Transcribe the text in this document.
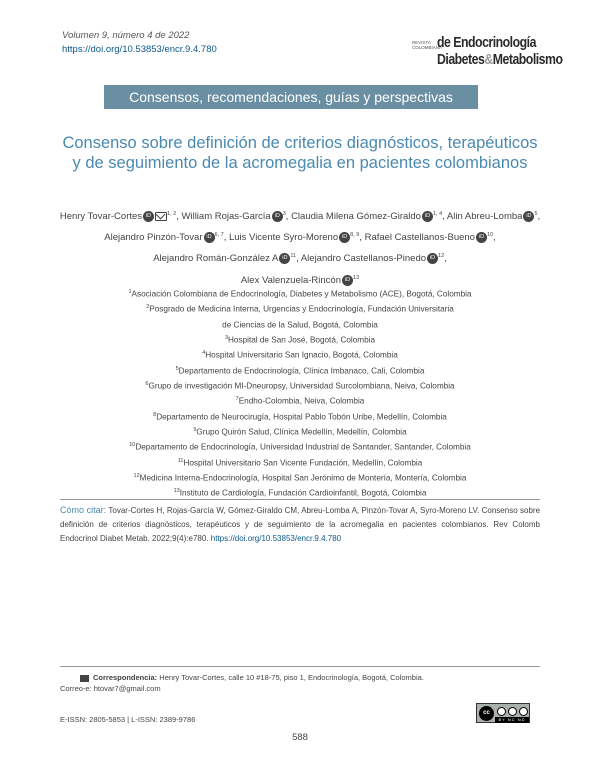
Volumen 9, número 4 de 2022
https://doi.org/10.53853/encr.9.4.780
REVISTA COLOMBIANA
de Endocrinología
Diabetes&Metabolismo
Consensos, recomendaciones, guías y perspectivas
Consenso sobre definición de criterios diagnósticos, terapéuticos y de seguimiento de la acromegalia en pacientes colombianos
Henry Tovar-Cortes iD	$^{1, 2}$, William Rojas-García iD $^3$, Claudia Milena Gómez-Giraldo iD $^{1, 4}$, Alin Abreu-Lomba iD $^5$,
Alejandro Pinzón-Tovar iD $^{6, 7}$, Luis Vicente Syro-Moreno iD $^{8, 9}$, Rafael Castellanos-Bueno iD $^{10}$,
Alejandro Román-González A iD $^{11}$, Alejandro Castellanos-Pinedo iD $^{12}$,
Alex Valenzuela-Rincón iD $^{13}$
$^1$Asociación Colombiana de Endocrinología, Diabetes y Metabolismo (ACE), Bogotá, Colombia
$^2$Posgrado de Medicina Interna, Urgencias y Endocrinología, Fundación Universitaria
de Ciencias de la Salud, Bogotá, Colombia
$^3$Hospital de San José, Bogotá, Colombia
$^4$Hospital Universitario San Ignacio, Bogotá, Colombia
$^5$Departamento de Endocrinología, Clínica Imbanaco, Cali, Colombia
$^6$Grupo de investigación MI-Dneuropsy, Universidad Surcolombiana, Neiva, Colombia
$^7$Endho-Colombia, Neiva, Colombia
$^8$Departamento de Neurocirugía, Hospital Pablo Tobón Uribe, Medellín, Colombia
$^9$Grupo Quirón Salud, Clínica Medellín, Medellín, Colombia
$^{10}$Departamento de Endocrinología, Universidad Industrial de Santander, Santander, Colombia
$^{11}$Hospital Universitario San Vicente Fundación, Medellín, Colombia
$^{12}$Medicina Interna-Endocrinología, Hospital San Jerónimo de Montería, Montería, Colombia
$^{13}$Instituto de Cardiología, Fundación Cardioinfantil, Bogotá, Colombia
Cómo citar: Tovar-Cortes H, Rojas-García W, Gómez-Giraldo CM, Abreu-Lomba A, Pinzón-Tovar A, Syro-Moreno LV. Consenso sobre definición de criterios diagnósticos, terapéuticos y de seguimiento de la acromegalia en pacientes colombianos. Rev Colomb Endocrinol Diabet Metab. 2022;9(4):e780. https://doi.org/10.53853/encr.9.4.780
Correspondencia: Henry Tovar-Cortes, calle 10 #18-75, piso 1, Endocrinología, Bogotá, Colombia.
Correo-e: htovar7@gmail.com
E-ISSN: 2805-5853 | L-ISSN: 2389-9786
cc
BY NC ND
588
